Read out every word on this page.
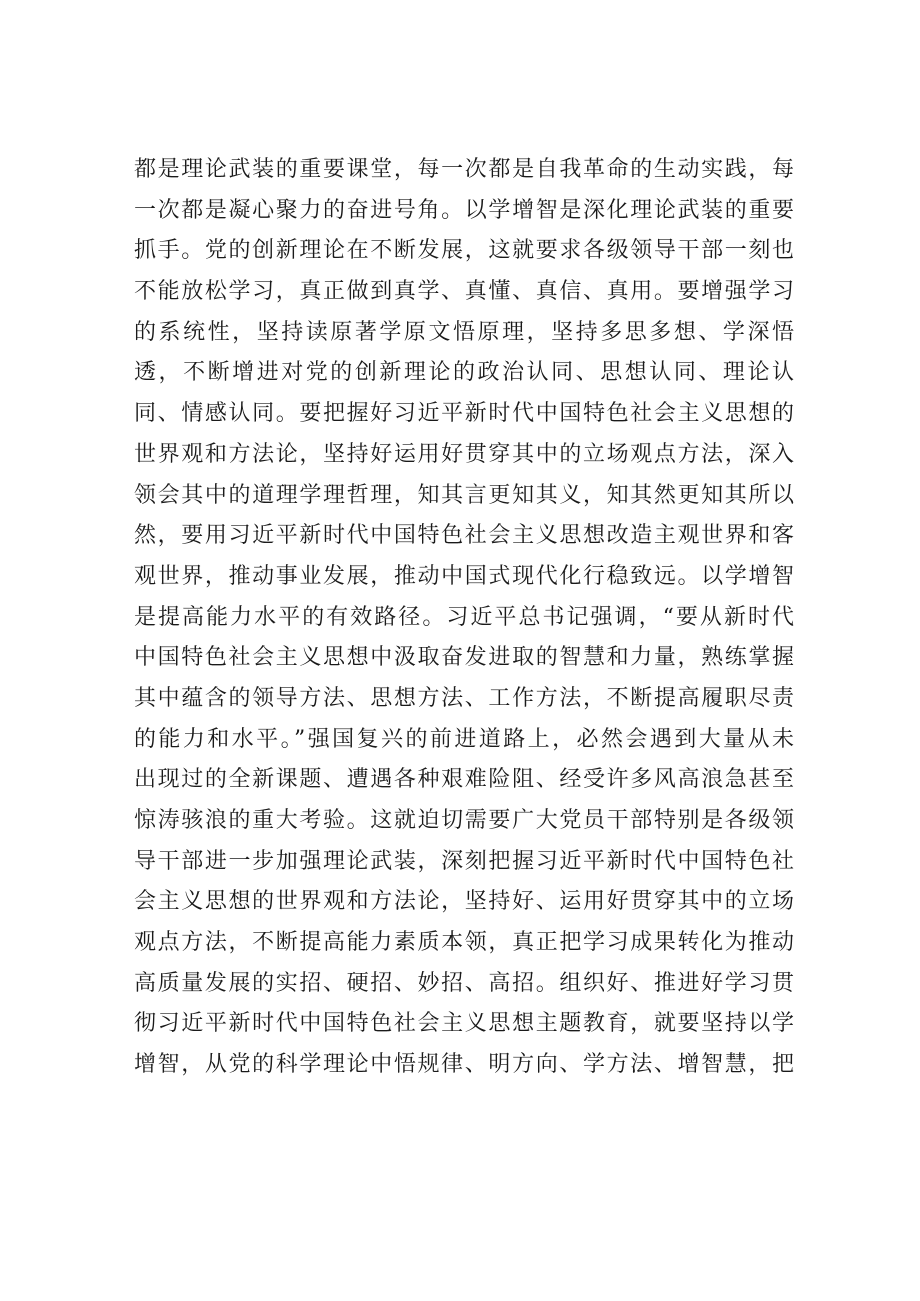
都是理论武装的重要课堂，每一次都是自我革命的生动实践，每
一次都是凝心聚力的奋进号角。以学增智是深化理论武装的重要
抓手。党的创新理论在不断发展，这就要求各级领导干部一刻也
不能放松学习，真正做到真学、真懂、真信、真用。要增强学习
的系统性，坚持读原著学原文悟原理，坚持多思多想、学深悟
透，不断增进对党的创新理论的政治认同、思想认同、理论认
同、情感认同。要把握好习近平新时代中国特色社会主义思想的
世界观和方法论，坚持好运用好贯穿其中的立场观点方法，深入
领会其中的道理学理哲理，知其言更知其义，知其然更知其所以
然，要用习近平新时代中国特色社会主义思想改造主观世界和客
观世界，推动事业发展，推动中国式现代化行稳致远。以学增智
是提高能力水平的有效路径。习近平总书记强调，“要从新时代
中国特色社会主义思想中汲取奋发进取的智慧和力量，熟练掌握
其中蕴含的领导方法、思想方法、工作方法，不断提高履职尽责
的能力和水平。”强国复兴的前进道路上，必然会遇到大量从未
出现过的全新课题、遭遇各种艰难险阻、经受许多风高浪急甚至
惊涛骇浪的重大考验。这就迫切需要广大党员干部特别是各级领
导干部进一步加强理论武装，深刻把握习近平新时代中国特色社
会主义思想的世界观和方法论，坚持好、运用好贯穿其中的立场
观点方法，不断提高能力素质本领，真正把学习成果转化为推动
高质量发展的实招、硬招、妙招、高招。组织好、推进好学习贯
彻习近平新时代中国特色社会主义思想主题教育，就要坚持以学
增智，从党的科学理论中悟规律、明方向、学方法、增智慧，把
